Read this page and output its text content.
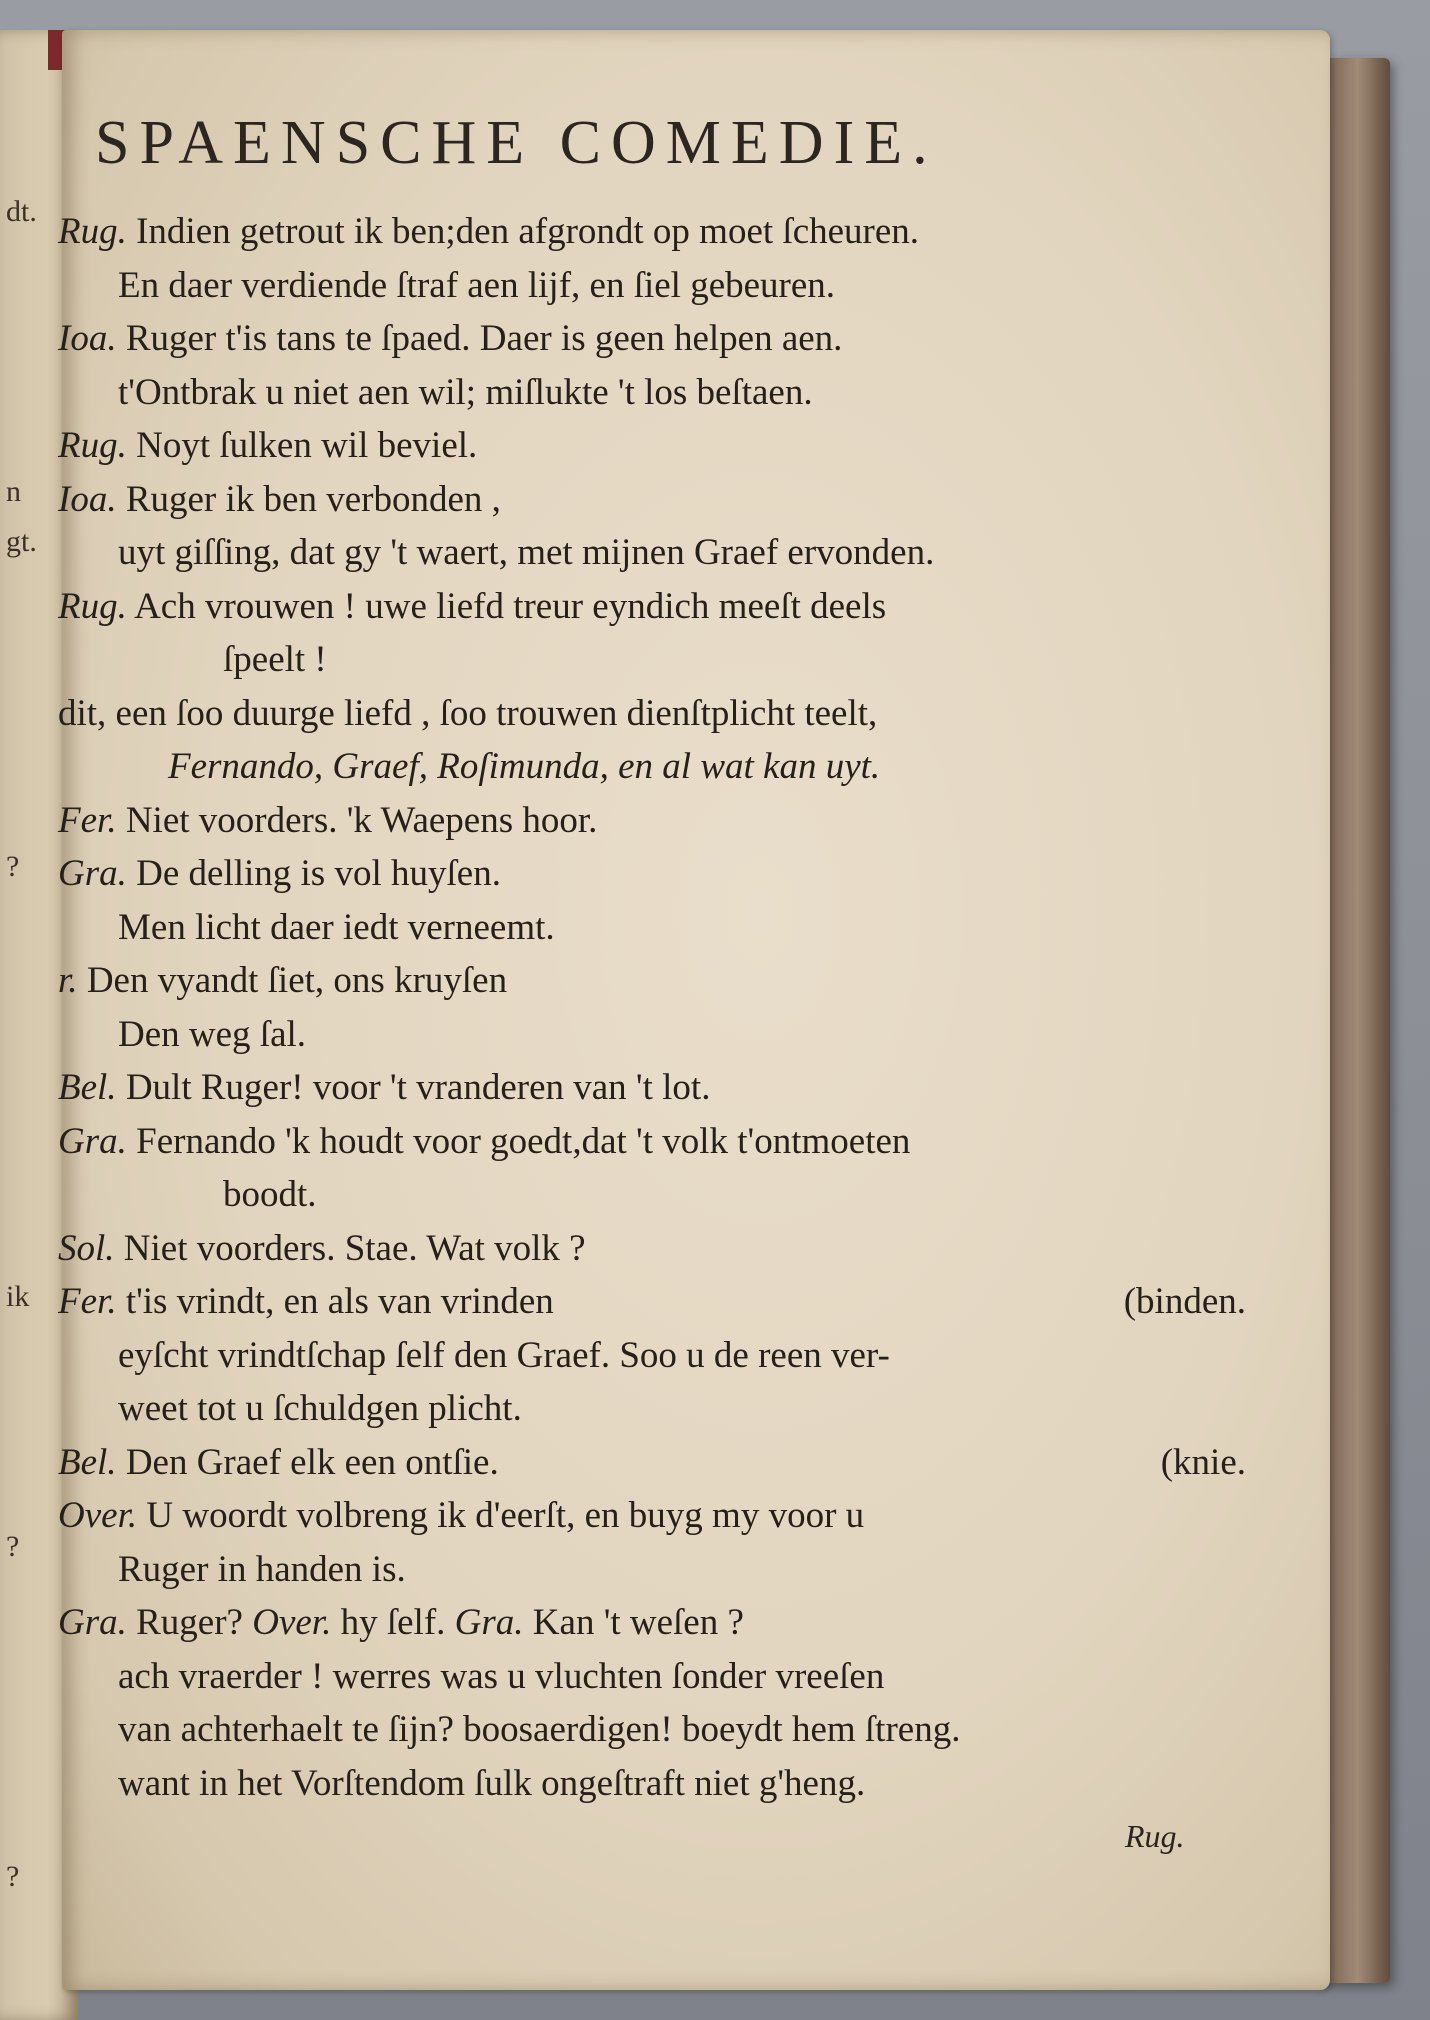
dt.
n
gt.
?
ik
?
?
SPAENSCHE COMEDIE.
Rug. Indien getrout ik ben;den afgrondt op moet ſcheuren.
En daer verdiende ſtraf aen lijf, en ſiel gebeuren.
Ioa. Ruger t'is tans te ſpaed. Daer is geen helpen aen.
t'Ontbrak u niet aen wil; miſlukte 't los beſtaen.
Rug. Noyt ſulken wil beviel.
Ioa. Ruger ik ben verbonden ,
uyt giſſing, dat gy 't waert, met mijnen Graef ervonden.
Rug. Ach vrouwen ! uwe liefd treur eyndich meeſt deels
ſpeelt !
dit, een ſoo duurge liefd , ſoo trouwen dienſtplicht teelt,
Fernando, Graef, Roſimunda, en al wat kan uyt.
Fer. Niet voorders. 'k Waepens hoor.
Gra. De delling is vol huyſen.
Men licht daer iedt verneemt.
r. Den vyandt ſiet, ons kruyſen
Den weg ſal.
Bel. Dult Ruger! voor 't vranderen van 't lot.
Gra. Fernando 'k houdt voor goedt,dat 't volk t'ontmoeten
boodt.
Sol. Niet voorders. Stae. Wat volk ?
Fer. t'is vrindt, en als van vrinden	(binden.
eyſcht vrindtſchap ſelf den Graef. Soo u de reen ver-
weet tot u ſchuldgen plicht.
Bel. Den Graef elk een ontſie.	(knie.
Over. U woordt volbreng ik d'eerſt, en buyg my voor u
Ruger in handen is.
Gra. Ruger? Over. hy ſelf. Gra. Kan 't weſen ?
ach vraerder ! werres was u vluchten ſonder vreeſen
van achterhaelt te ſijn? boosaerdigen! boeydt hem ſtreng.
want in het Vorſtendom ſulk ongeſtraft niet g'heng.
Rug.
